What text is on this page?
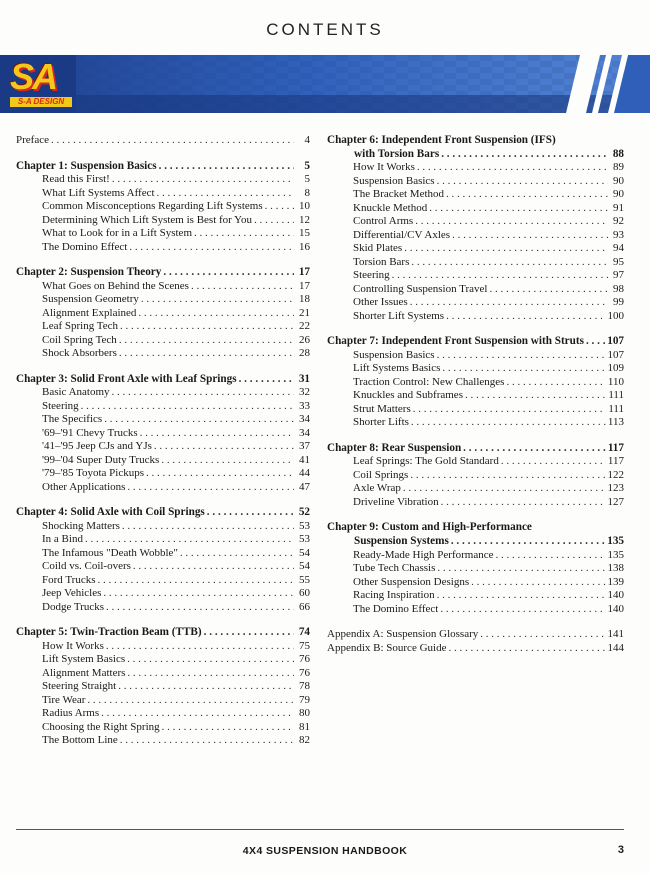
CONTENTS
SA
S-A DESIGN
Preface . . .	4
Chapter 1: Suspension Basics . . .	5
Read this First! . . .	5
What Lift Systems Affect . . .	8
Common Misconceptions Regarding Lift Systems . . .	10
Determining Which Lift System is Best for You . . .	12
What to Look for in a Lift System . . .	15
The Domino Effect . . .	16
Chapter 2: Suspension Theory . . .	17
What Goes on Behind the Scenes . . .	17
Suspension Geometry . . .	18
Alignment Explained . . .	21
Leaf Spring Tech . . .	22
Coil Spring Tech . . .	26
Shock Absorbers . . .	28
Chapter 3: Solid Front Axle with Leaf Springs . . .	31
Basic Anatomy . . .	32
Steering . . .	33
The Specifics . . .	34
'69–'91 Chevy Trucks . . .	34
'41–'95 Jeep CJs and YJs . . .	37
'99–'04 Super Duty Trucks . . .	41
'79–'85 Toyota Pickups . . .	44
Other Applications . . .	47
Chapter 4: Solid Axle with Coil Springs . . .	52
Shocking Matters . . .	53
In a Bind . . .	53
The Infamous "Death Wobble" . . .	54
Coild vs. Coil-overs . . .	54
Ford Trucks . . .	55
Jeep Vehicles . . .	60
Dodge Trucks . . .	66
Chapter 5: Twin-Traction Beam (TTB) . . .	74
How It Works . . .	75
Lift System Basics . . .	76
Alignment Matters . . .	76
Steering Straight . . .	78
Tire Wear . . .	79
Radius Arms . . .	80
Choosing the Right Spring . . .	81
The Bottom Line . . .	82
Chapter 6: Independent Front Suspension (IFS)
with Torsion Bars . . .	88
How It Works . . .	89
Suspension Basics . . .	90
The Bracket Method . . .	90
Knuckle Method . . .	91
Control Arms . . .	92
Differential/CV Axles . . .	93
Skid Plates . . .	94
Torsion Bars . . .	95
Steering . . .	97
Controlling Suspension Travel . . .	98
Other Issues . . .	99
Shorter Lift Systems . . .	100
Chapter 7: Independent Front Suspension with Struts . . . 107
Suspension Basics . . .	107
Lift Systems Basics . . .	109
Traction Control: New Challenges . . .	110
Knuckles and Subframes . . .	111
Strut Matters . . .	111
Shorter Lifts . . .	113
Chapter 8: Rear Suspension . . .	117
Leaf Springs: The Gold Standard . . .	117
Coil Springs . . .	122
Axle Wrap . . .	123
Driveline Vibration . . .	127
Chapter 9: Custom and High-Performance
Suspension Systems . . .	135
Ready-Made High Performance . . .	135
Tube Tech Chassis . . .	138
Other Suspension Designs . . .	139
Racing Inspiration . . .	140
The Domino Effect . . .	140
Appendix A: Suspension Glossary . . .	141
Appendix B: Source Guide . . .	144
4X4 SUSPENSION HANDBOOK	3
